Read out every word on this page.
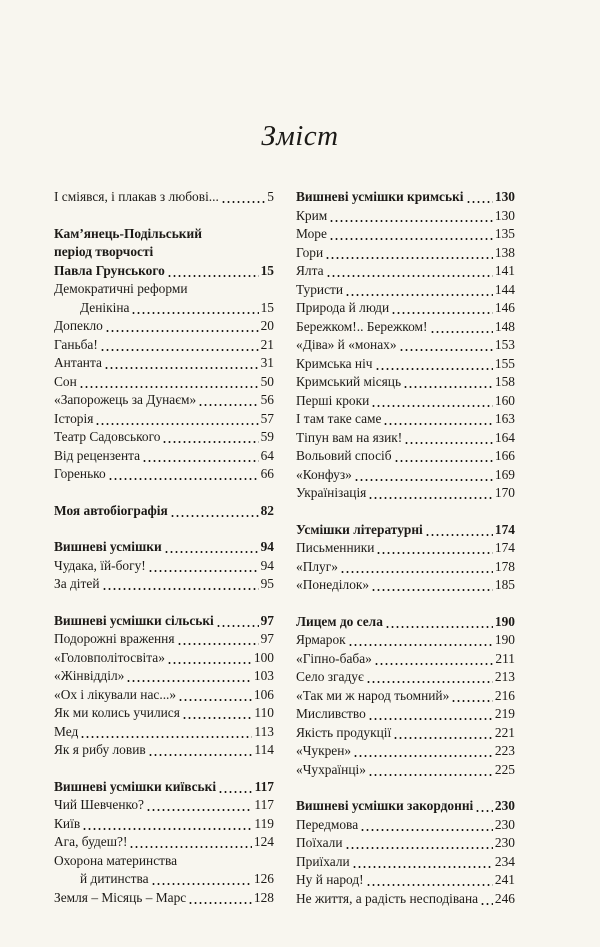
Зміст
І сміявся, і плакав з любові...	5
Кам’янець-Подільський
період творчості
Павла Грунського	15
Демократичні реформи
Денікіна	15
Допекло	20
Ганьба!	21
Антанта	31
Сон	50
«Запорожець за Дунаєм»	56
Історія	57
Театр Садовського	59
Від рецензента	64
Горенько	66
Моя автобіографія	82
Вишневі усмішки	94
Чудака, їй-богу!	94
За дітей	95
Вишневі усмішки сільські	97
Подорожні враження	97
«Головполітосвіта»	100
«Жінвідділ»	103
«Ох і лікували нас...»	106
Як ми колись училися	110
Мед	113
Як я рибу ловив	114
Вишневі усмішки київські	117
Чий Шевченко?	117
Київ	119
Ага, будеш?!	124
Охорона материнства
й дитинства	126
Земля – Місяць – Марс	128
Вишневі усмішки кримські 130
Крим	130
Море	135
Гори	138
Ялта	141
Туристи	144
Природа й люди	146
Бережком!.. Бережком!	148
«Діва» й «монах»	153
Кримська ніч	155
Кримський місяць	158
Перші кроки	160
І там таке саме	163
Тіпун вам на язик!	164
Вольовий спосіб	166
«Конфуз»	169
Українізація	170
Усмішки літературні	174
Письменники	174
«Плуг»	178
«Понеділок»	185
Лицем до села	190
Ярмарок	190
«Гіпно-баба»	211
Село згадує	213
«Так ми ж народ тьомний»	216
Мисливство	219
Якість продукції	221
«Чукрен»	223
«Чухраїнці»	225
Вишневі усмішки закордонні 230
Передмова	230
Поїхали	230
Приїхали	234
Ну й народ!	241
Не життя, а радість несподівана 246
